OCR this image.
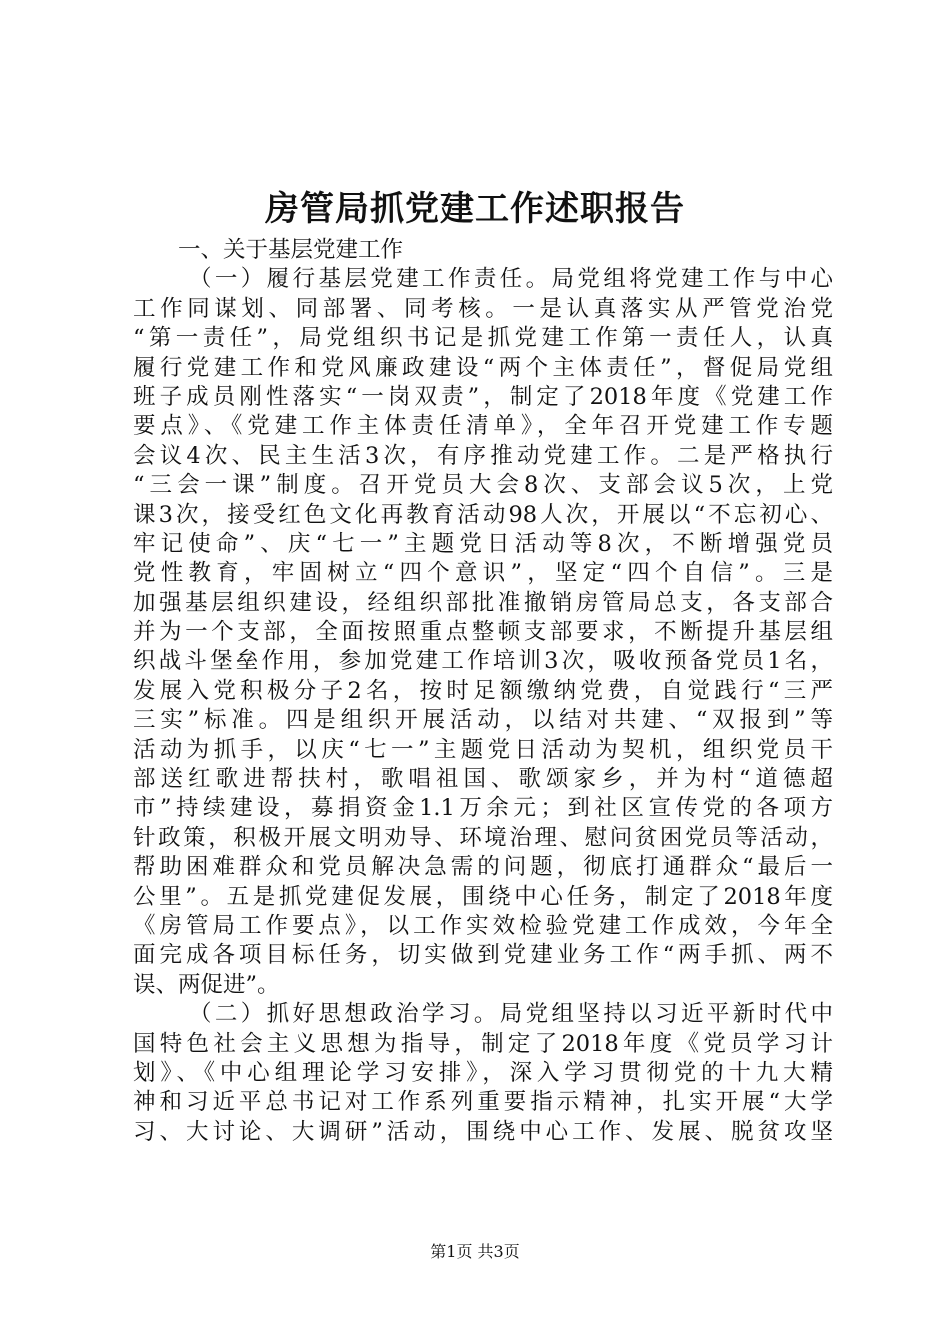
房管局抓党建工作述职报告
一、关于基层党建工作
（一）履行基层党建工作责任。局党组将党建工作与中心
工作同谋划、同部署、同考核。一是认真落实从严管党治党
“第一责任”，局党组织书记是抓党建工作第一责任人，认真
履行党建工作和党风廉政建设“两个主体责任”，督促局党组
班子成员刚性落实“一岗双责”，制定了2018年度《党建工作
要点》、《党建工作主体责任清单》，全年召开党建工作专题
会议4次、民主生活3次，有序推动党建工作。二是严格执行
“三会一课”制度。召开党员大会8次、支部会议5次，上党
课3次，接受红色文化再教育活动98人次，开展以“不忘初心、
牢记使命”、庆“七一”主题党日活动等8次，不断增强党员
党性教育，牢固树立“四个意识”，坚定“四个自信”。三是
加强基层组织建设，经组织部批准撤销房管局总支，各支部合
并为一个支部，全面按照重点整顿支部要求，不断提升基层组
织战斗堡垒作用，参加党建工作培训3次，吸收预备党员1名，
发展入党积极分子2名，按时足额缴纳党费，自觉践行“三严
三实”标准。四是组织开展活动，以结对共建、“双报到”等
活动为抓手，以庆“七一”主题党日活动为契机，组织党员干
部送红歌进帮扶村，歌唱祖国、歌颂家乡，并为村“道德超
市”持续建设，募捐资金1.1万余元；到社区宣传党的各项方
针政策，积极开展文明劝导、环境治理、慰问贫困党员等活动，
帮助困难群众和党员解决急需的问题，彻底打通群众“最后一
公里”。五是抓党建促发展，围绕中心任务，制定了2018年度
《房管局工作要点》，以工作实效检验党建工作成效，今年全
面完成各项目标任务，切实做到党建业务工作“两手抓、两不
误、两促进”。
（二）抓好思想政治学习。局党组坚持以习近平新时代中
国特色社会主义思想为指导，制定了2018年度《党员学习计
划》、《中心组理论学习安排》，深入学习贯彻党的十九大精
神和习近平总书记对工作系列重要指示精神，扎实开展“大学
习、大讨论、大调研”活动，围绕中心工作、发展、脱贫攻坚
第1页 共3页
